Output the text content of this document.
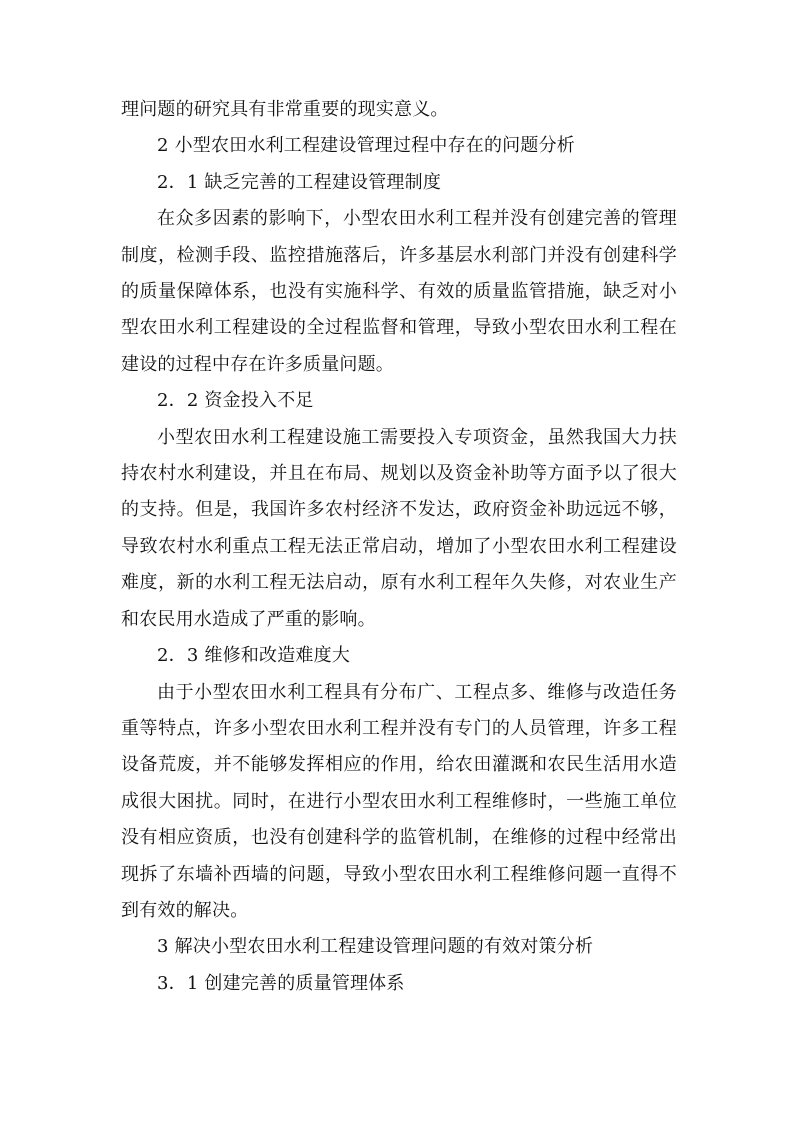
理问题的研究具有非常重要的现实意义。

2 小型农田水利工程建设管理过程中存在的问题分析

2．1 缺乏完善的工程建设管理制度

在众多因素的影响下，小型农田水利工程并没有创建完善的管理制度，检测手段、监控措施落后，许多基层水利部门并没有创建科学的质量保障体系，也没有实施科学、有效的质量监管措施，缺乏对小型农田水利工程建设的全过程监督和管理，导致小型农田水利工程在建设的过程中存在许多质量问题。

2．2 资金投入不足

小型农田水利工程建设施工需要投入专项资金，虽然我国大力扶持农村水利建设，并且在布局、规划以及资金补助等方面予以了很大的支持。但是，我国许多农村经济不发达，政府资金补助远远不够，导致农村水利重点工程无法正常启动，增加了小型农田水利工程建设难度，新的水利工程无法启动，原有水利工程年久失修，对农业生产和农民用水造成了严重的影响。

2．3 维修和改造难度大

由于小型农田水利工程具有分布广、工程点多、维修与改造任务重等特点，许多小型农田水利工程并没有专门的人员管理，许多工程设备荒废，并不能够发挥相应的作用，给农田灌溉和农民生活用水造成很大困扰。同时，在进行小型农田水利工程维修时，一些施工单位没有相应资质，也没有创建科学的监管机制，在维修的过程中经常出现拆了东墙补西墙的问题，导致小型农田水利工程维修问题一直得不到有效的解决。

3 解决小型农田水利工程建设管理问题的有效对策分析

3．1 创建完善的质量管理体系
